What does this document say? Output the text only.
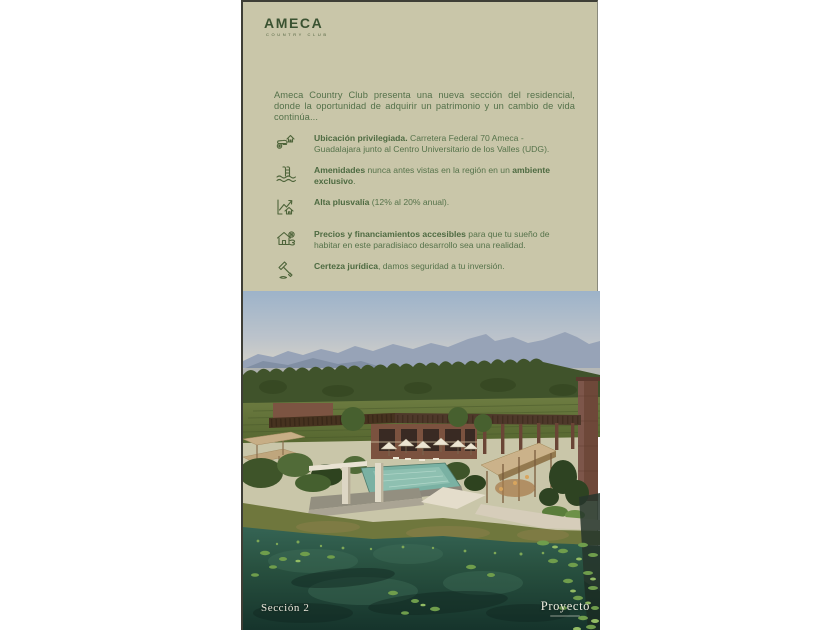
AMECA
COUNTRY CLUB

Ameca Country Club presenta una nueva sección del residencial, donde la oportunidad de adquirir un patrimonio y un cambio de vida continúa...

Ubicación privilegiada. Carretera Federal 70 Ameca - Guadalajara junto al Centro Universitario de los Valles (UDG).

Amenidades nunca antes vistas en la región en un ambiente exclusivo.

Alta plusvalía (12% al 20% anual).

Precios y financiamientos accesibles para que tu sueño de habitar en este paradisiaco desarrollo sea una realidad.

Certeza jurídica, damos seguridad a tu inversión.

Sección 2	Proyecto
